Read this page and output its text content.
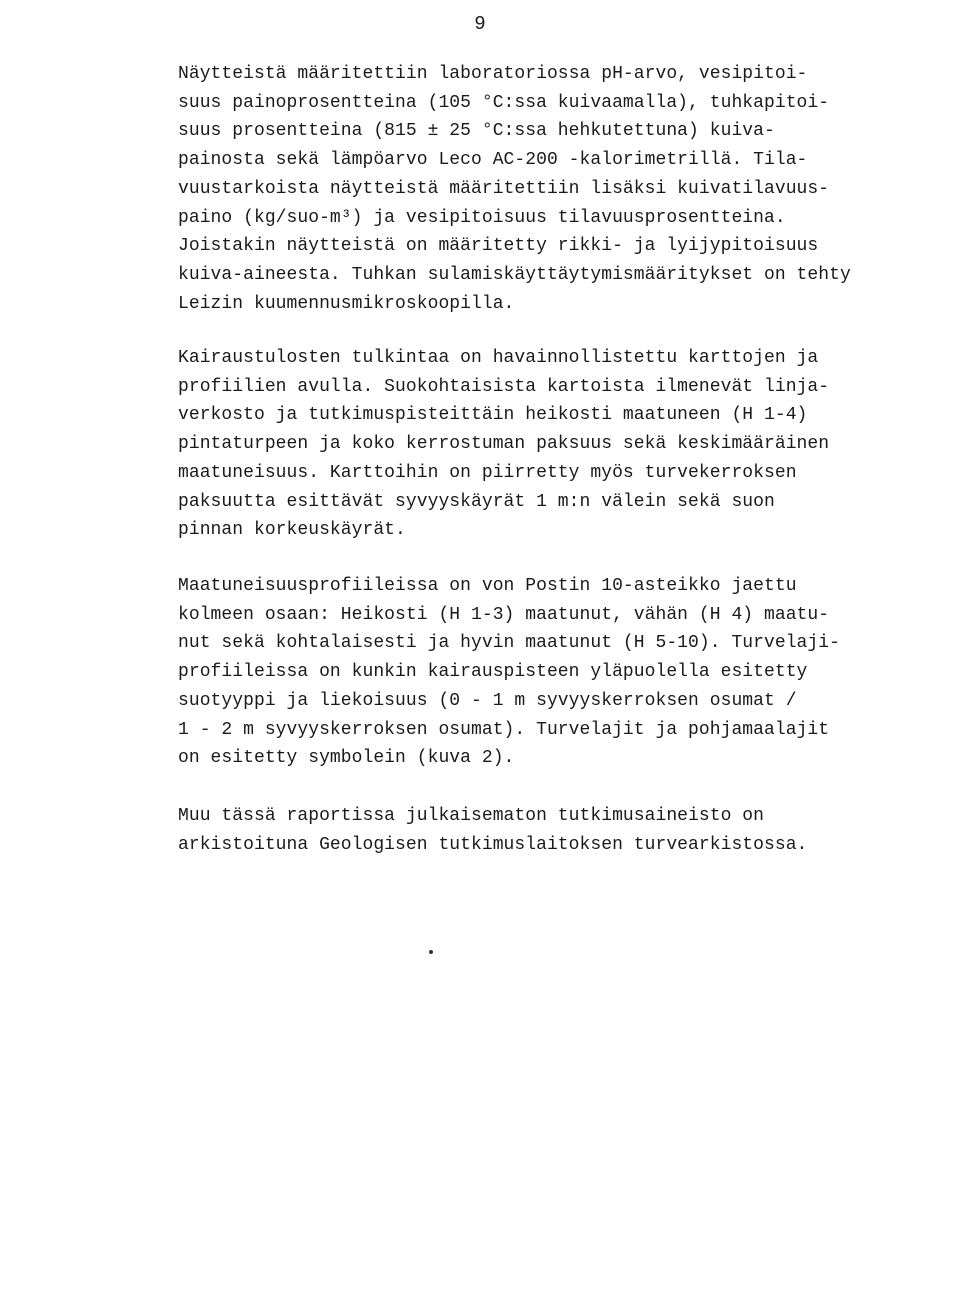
9
Näytteistä määritettiin laboratoriossa pH-arvo, vesipitoi-
suus painoprosentteina (105 °C:ssa kuivaamalla), tuhkapitoi-
suus prosentteina (815 ± 25 °C:ssa hehkutettuna) kuiva-
painosta sekä lämpöarvo Leco AC-200 -kalorimetrillä. Tila-
vuustarkoista näytteistä määritettiin lisäksi kuivatilavuus-
paino (kg/suo-m³) ja vesipitoisuus tilavuusprosentteina.
Joistakin näytteistä on määritetty rikki- ja lyijypitoisuus
kuiva-aineesta. Tuhkan sulamiskäyttäytymismääritykset on tehty
Leizin kuumennusmikroskoopilla.
Kairaustulosten tulkintaa on havainnollistettu karttojen ja
profiilien avulla. Suokohtaisista kartoista ilmenevät linja-
verkosto ja tutkimuspisteittäin heikosti maatuneen (H 1-4)
pintaturpeen ja koko kerrostuman paksuus sekä keskimääräinen
maatuneisuus. Karttoihin on piirretty myös turvekerroksen
paksuutta esittävät syvyyskäyrät 1 m:n välein sekä suon
pinnan korkeuskäyrät.
Maatuneisuusprofiileissa on von Postin 10-asteikko jaettu
kolmeen osaan: Heikosti (H 1-3) maatunut, vähän (H 4) maatu-
nut sekä kohtalaisesti ja hyvin maatunut (H 5-10). Turvelaji-
profiileissa on kunkin kairauspisteen yläpuolella esitetty
suotyyppi ja liekoisuus (0 - 1 m syvyyskerroksen osumat /
1 - 2 m syvyyskerroksen osumat). Turvelajit ja pohjamaalajit
on esitetty symbolein (kuva 2).
Muu tässä raportissa julkaisematon tutkimusaineisto on
arkistoituna Geologisen tutkimuslaitoksen turvearkistossa.
